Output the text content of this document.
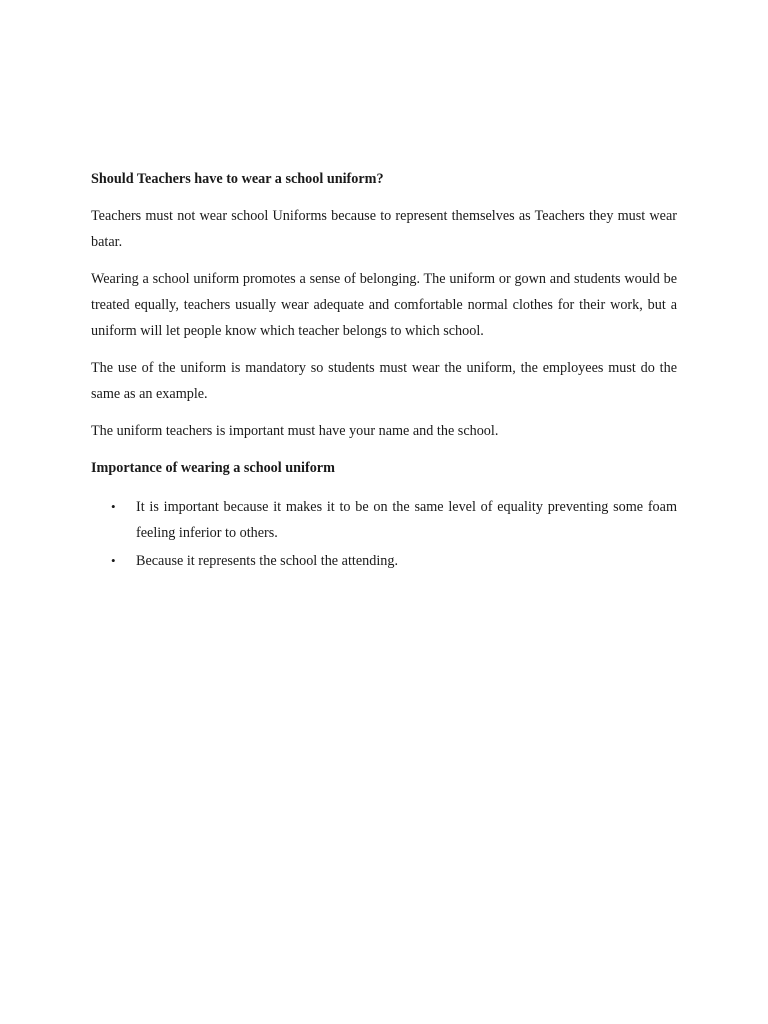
Should Teachers have to wear a school uniform?

Teachers must not wear school Uniforms because to represent themselves as Teachers they must wear batar.

Wearing a school uniform promotes a sense of belonging. The uniform or gown and students would be treated equally, teachers usually wear adequate and comfortable normal clothes for their work, but a uniform will let people know which teacher belongs to which school.

The use of the uniform is mandatory so students must wear the uniform, the employees must do the same as an example.

The uniform teachers is important must have your name and the school.

Importance of wearing a school uniform

• It is important because it makes it to be on the same level of equality preventing some foam feeling inferior to others.
• Because it represents the school the attending.
